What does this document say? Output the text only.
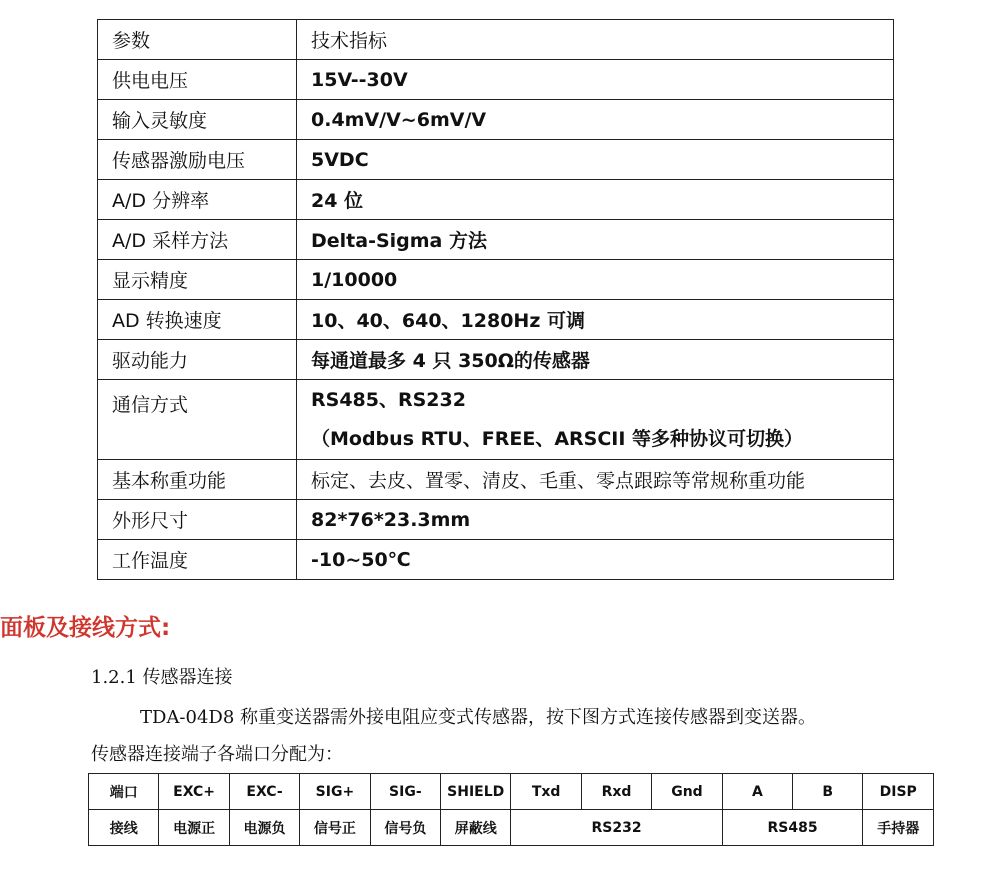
参数	技术指标
供电电压	15V--30V
输入灵敏度	0.4mV/V~6mV/V
传感器激励电压	5VDC
A/D 分辨率	24 位
A/D 采样方法	Delta-Sigma 方法
显示精度	1/10000
AD 转换速度	10、40、640、1280Hz 可调
驱动能力	每通道最多 4 只 350Ω的传感器
通信方式	RS485、RS232
（Modbus RTU、FREE、ARSCII 等多种协议可切换）

基本称重功能	标定、去皮、置零、清皮、毛重、零点跟踪等常规称重功能
外形尺寸	82*76*23.3mm
工作温度	-10~50℃
面板及接线方式:
1.2.1 传感器连接
TDA-04D8 称重变送器需外接电阻应变式传感器，按下图方式连接传感器到变送器。
传感器连接端子各端口分配为：
端口	EXC+	EXC-	SIG+	SIG-	SHIELD	Txd	Rxd	Gnd	A	B	DISP
接线	电源正	电源负	信号正	信号负	屏蔽线	RS232			RS485		手持器
